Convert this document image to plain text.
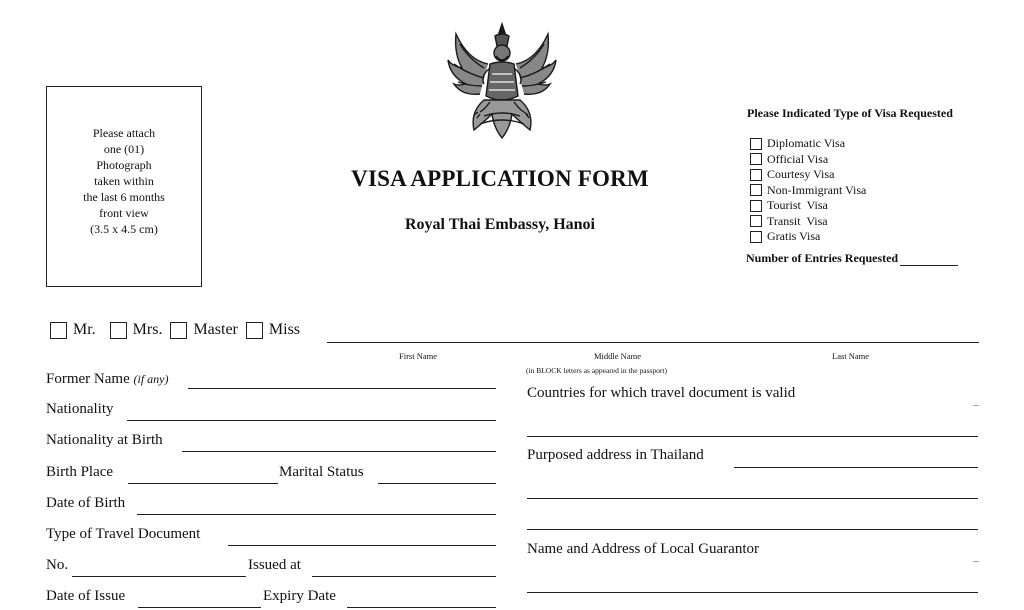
Please attach
one (01)
Photograph
taken within
the last 6 months
front view
(3.5 x 4.5 cm)
VISA APPLICATION FORM
Royal Thai Embassy, Hanoi
Please Indicated Type of Visa Requested
Diplomatic Visa
Official Visa
Courtesy Visa
Non-Immigrant Visa
Tourist  Visa
Transit  Visa
Gratis Visa
Number of Entries Requested
Mr. Mrs. Master Miss
First Name	Middle Name	Last Name
(in BLOCK letters as appeared in the passport)
Former Name (if any)
Nationality
Nationality at Birth
Birth Place	Marital Status
Date of Birth
Type of Travel Document
No.	Issued at
Date of Issue	Expiry Date
Countries for which travel document is valid
Purposed address in Thailand
Name and Address of Local Guarantor
